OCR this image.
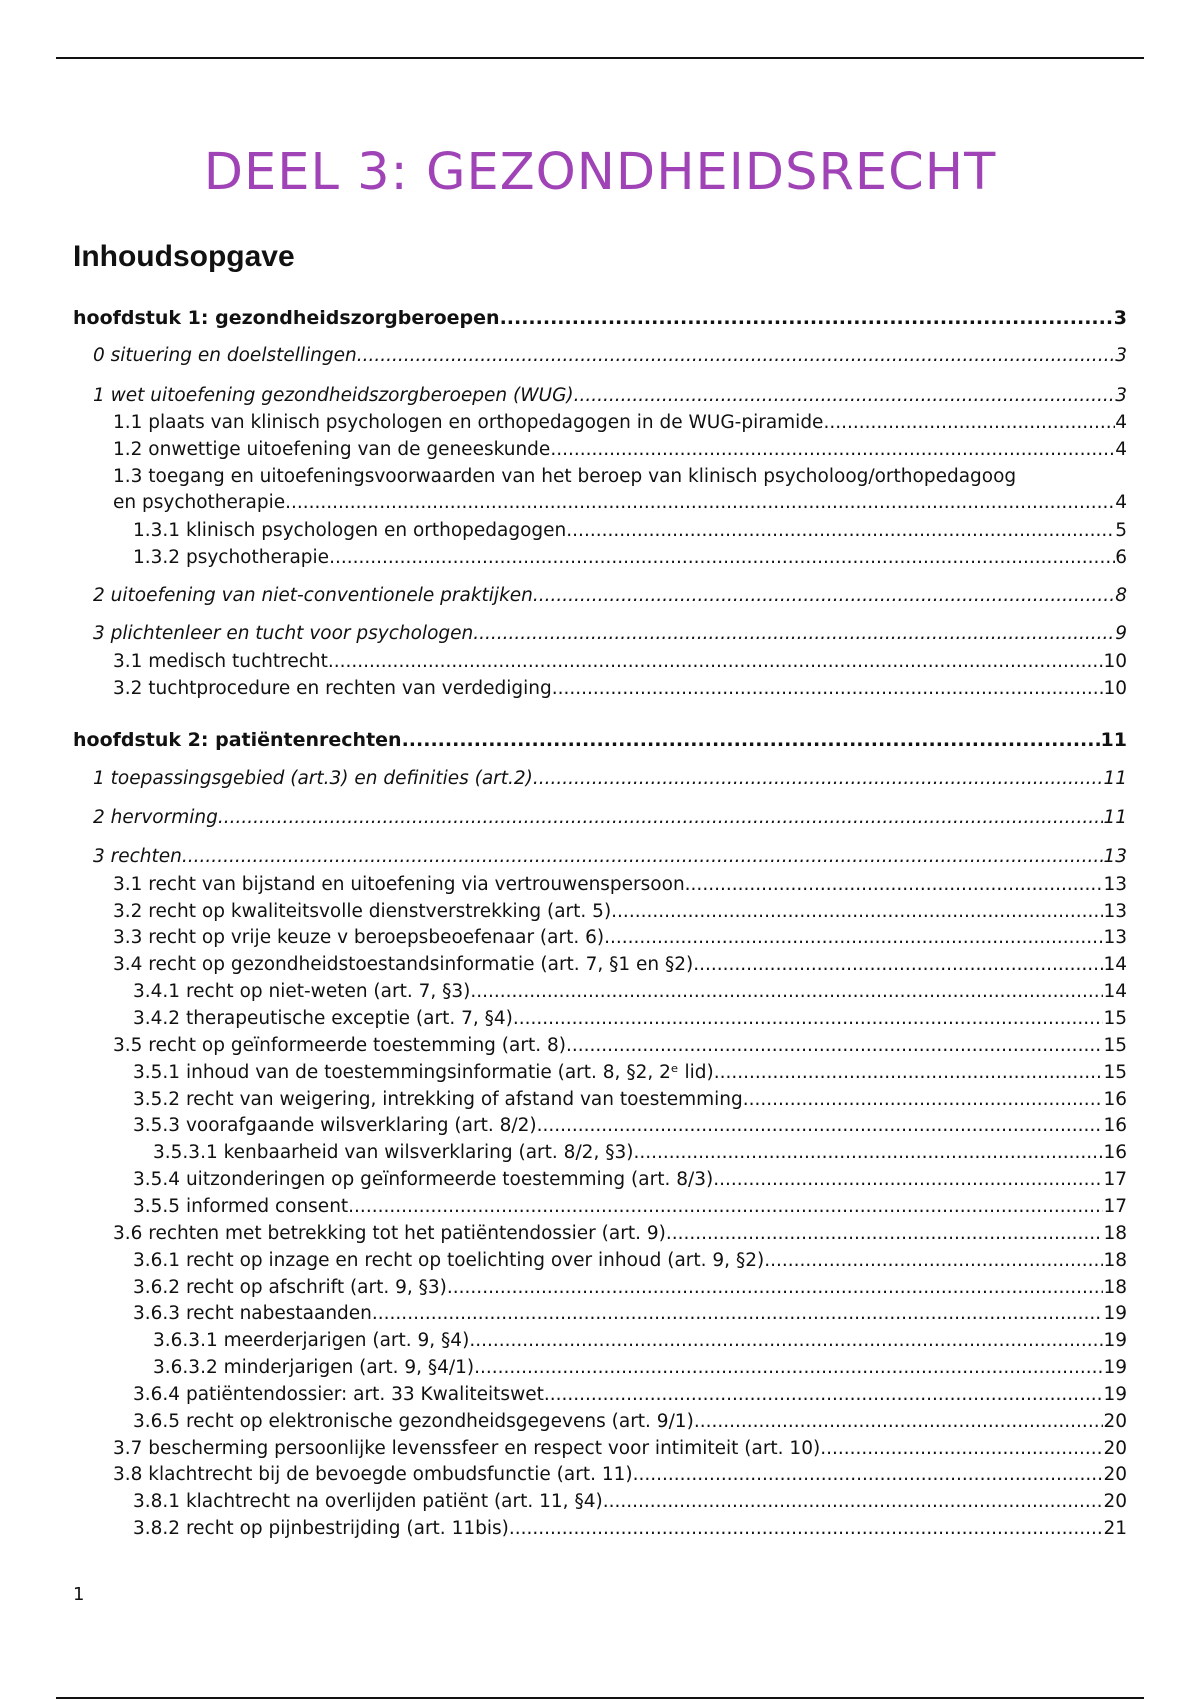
DEEL 3: GEZONDHEIDSRECHT
Inhoudsopgave
hoofdstuk 1: gezondheidszorgberoepen .....	3
0 situering en doelstellingen .....	3
1 wet uitoefening gezondheidszorgberoepen (WUG) .....	3
1.1 plaats van klinisch psychologen en orthopedagogen in de WUG-piramide .....	4
1.2 onwettige uitoefening van de geneeskunde .....	4
1.3 toegang en uitoefeningsvoorwaarden van het beroep van klinisch psycholoog/orthopedagoog
en psychotherapie .....	4
1.3.1 klinisch psychologen en orthopedagogen .....	5
1.3.2 psychotherapie .....	6
2 uitoefening van niet-conventionele praktijken .....	8
3 plichtenleer en tucht voor psychologen .....	9
3.1 medisch tuchtrecht .....	10
3.2 tuchtprocedure en rechten van verdediging .....	10
hoofdstuk 2: patiëntenrechten .....	11
1 toepassingsgebied (art.3) en definities (art.2) .....	11
2 hervorming .....	11
3 rechten .....	13
3.1 recht van bijstand en uitoefening via vertrouwenspersoon .....	13
3.2 recht op kwaliteitsvolle dienstverstrekking (art. 5) .....	13
3.3 recht op vrije keuze v beroepsbeoefenaar (art. 6) .....	13
3.4 recht op gezondheidstoestandsinformatie (art. 7, §1 en §2) .....	14
3.4.1 recht op niet-weten (art. 7, §3) .....	14
3.4.2 therapeutische exceptie (art. 7, §4) .....	15
3.5 recht op geïnformeerde toestemming (art. 8) .....	15
3.5.1 inhoud van de toestemmingsinformatie (art. 8, §2, 2ᵉ lid) .....	15
3.5.2 recht van weigering, intrekking of afstand van toestemming .....	16
3.5.3 voorafgaande wilsverklaring (art. 8/2) .....	16
3.5.3.1 kenbaarheid van wilsverklaring (art. 8/2, §3) .....	16
3.5.4 uitzonderingen op geïnformeerde toestemming (art. 8/3) .....	17
3.5.5 informed consent .....	17
3.6 rechten met betrekking tot het patiëntendossier (art. 9) .....	18
3.6.1 recht op inzage en recht op toelichting over inhoud (art. 9, §2) .....	18
3.6.2 recht op afschrift (art. 9, §3) .....	18
3.6.3 recht nabestaanden .....	19
3.6.3.1 meerderjarigen (art. 9, §4) .....	19
3.6.3.2 minderjarigen (art. 9, §4/1) .....	19
3.6.4 patiëntendossier: art. 33 Kwaliteitswet .....	19
3.6.5 recht op elektronische gezondheidsgegevens (art. 9/1) .....	20
3.7 bescherming persoonlijke levenssfeer en respect voor intimiteit (art. 10) .....	20
3.8 klachtrecht bij de bevoegde ombudsfunctie (art. 11) .....	20
3.8.1 klachtrecht na overlijden patiënt (art. 11, §4) .....	20
3.8.2 recht op pijnbestrijding (art. 11bis) .....	21
1
